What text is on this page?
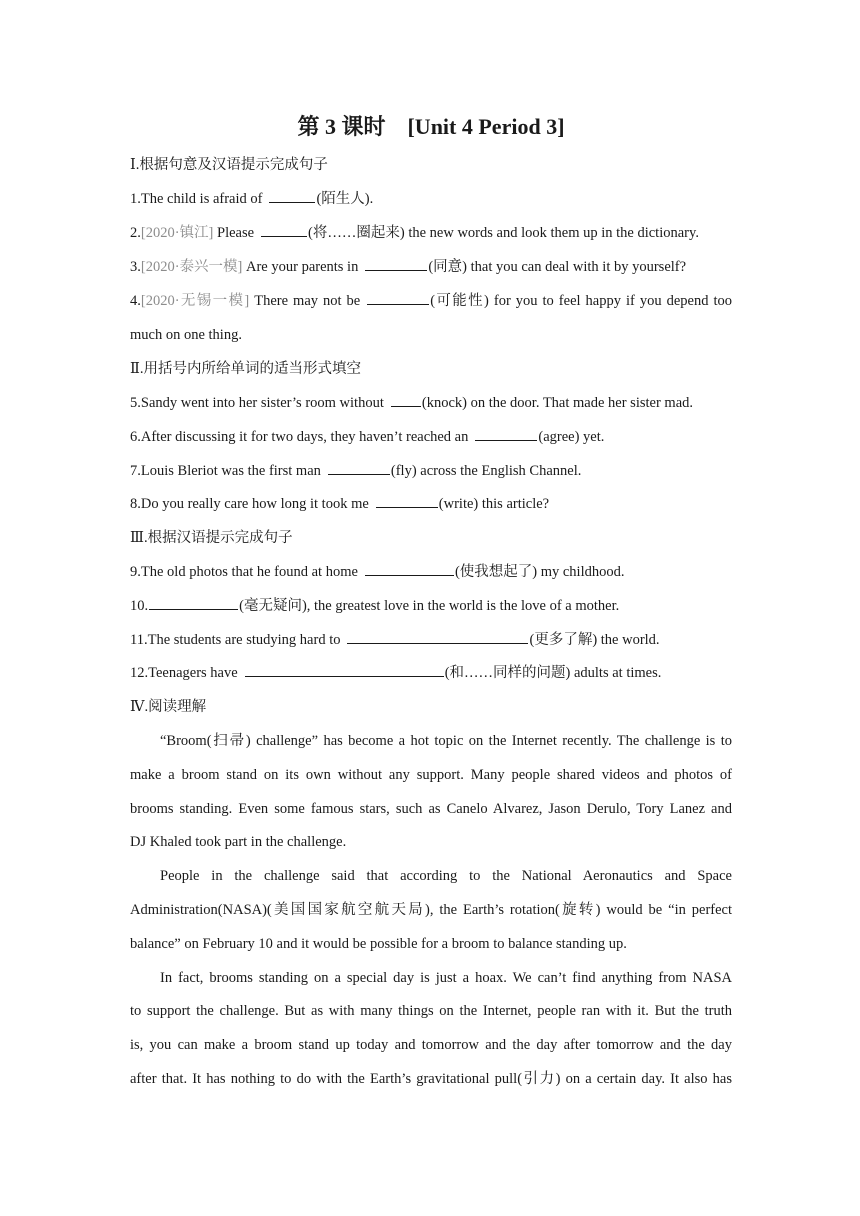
第 3 课时 [Unit 4 Period 3]
Ⅰ.根据句意及汉语提示完成句子
1.The child is afraid of	(陌生人).
2.[2020·镇江] Please	(将……圈起来) the new words and look them up in the dictionary.
3.[2020·泰兴一模] Are your parents in	(同意) that you can deal with it by yourself?
4.[2020·无锡一模] There may not be	(可能性) for you to feel happy if you depend too
much on one thing.
Ⅱ.用括号内所给单词的适当形式填空
5.Sandy went into her sister’s room without	(knock) on the door. That made her sister mad.
6.After discussing it for two days, they haven’t reached an	(agree) yet.
7.Louis Bleriot was the first man	(fly) across the English Channel.
8.Do you really care how long it took me	(write) this article?
Ⅲ.根据汉语提示完成句子
9.The old photos that he found at home	(使我想起了) my childhood.
10.	(毫无疑问), the greatest love in the world is the love of a mother.
11.The students are studying hard to	(更多了解) the world.
12.Teenagers have	(和……同样的问题) adults at times.
Ⅳ.阅读理解
“Broom(扫帚) challenge” has become a hot topic on the Internet recently. The challenge is to
make a broom stand on its own without any support. Many people shared videos and photos of
brooms standing. Even some famous stars, such as Canelo Alvarez, Jason Derulo, Tory Lanez and
DJ Khaled took part in the challenge.
People in the challenge said that according to the National Aeronautics and Space
Administration(NASA)(美国国家航空航天局), the Earth’s rotation(旋转) would be “in perfect
balance” on February 10 and it would be possible for a broom to balance standing up.
In fact, brooms standing on a special day is just a hoax. We can’t find anything from NASA
to support the challenge. But as with many things on the Internet, people ran with it. But the truth
is, you can make a broom stand up today and tomorrow and the day after tomorrow and the day
after that. It has nothing to do with the Earth’s gravitational pull(引力) on a certain day. It also has
